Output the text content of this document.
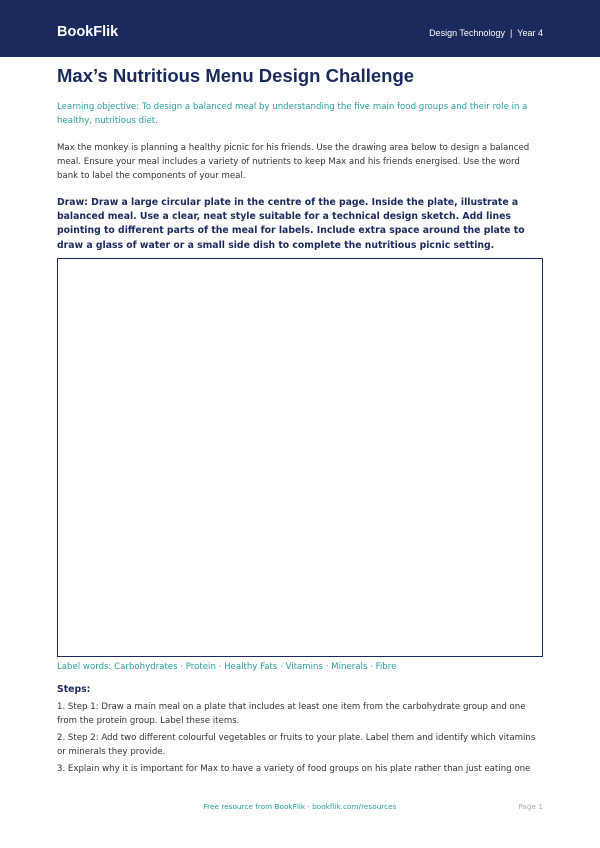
BookFlik	Design Technology | Year 4
Max’s Nutritious Menu Design Challenge

Learning objective: To design a balanced meal by understanding the five main food groups and their role in a healthy, nutritious diet.

Max the monkey is planning a healthy picnic for his friends. Use the drawing area below to design a balanced meal. Ensure your meal includes a variety of nutrients to keep Max and his friends energised. Use the word bank to label the components of your meal.

Draw: Draw a large circular plate in the centre of the page. Inside the plate, illustrate a balanced meal. Use a clear, neat style suitable for a technical design sketch. Add lines pointing to different parts of the meal for labels. Include extra space around the plate to draw a glass of water or a small side dish to complete the nutritious picnic setting.

Label words: Carbohydrates · Protein · Healthy Fats · Vitamins · Minerals · Fibre
Steps:

1. Step 1: Draw a main meal on a plate that includes at least one item from the carbohydrate group and one from the protein group. Label these items.

2. Step 2: Add two different colourful vegetables or fruits to your plate. Label them and identify which vitamins or minerals they provide.

3. Explain why it is important for Max to have a variety of food groups on his plate rather than just eating one

Free resource from BookFlik · bookflik.com/resources	Page 1
